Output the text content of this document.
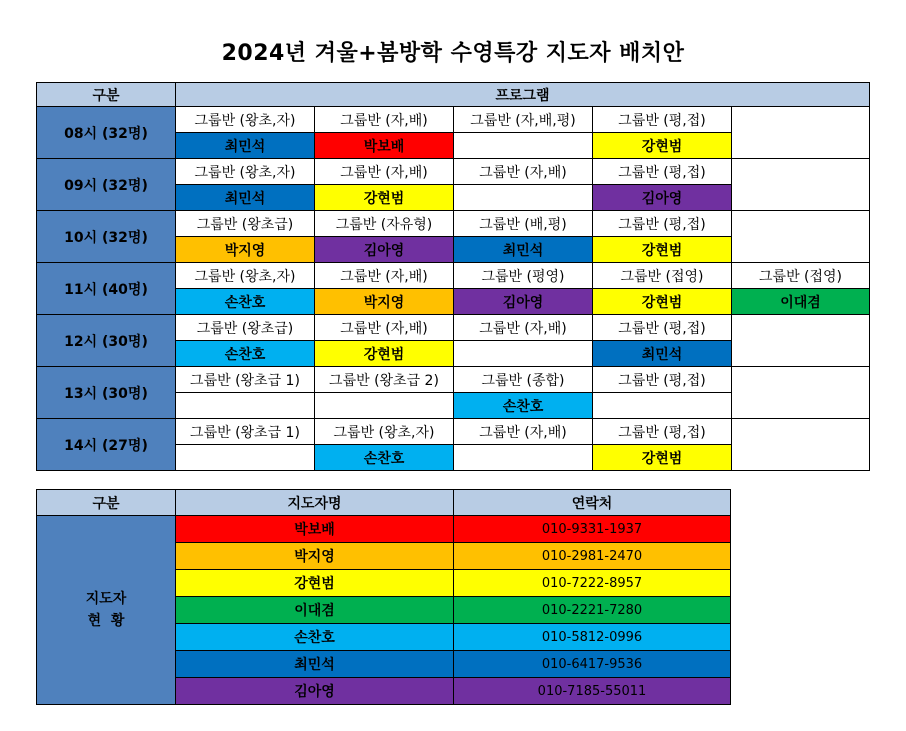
2024년 겨울+봄방학 수영특강 지도자 배치안
구분	프로그램				
08시 (32명)	그룹반 (왕초,자)	그룹반 (자,배)	그룹반 (자,배,평)	그룹반 (평,접)	
	최민석	박보배		강현범	
09시 (32명)	그룹반 (왕초,자)	그룹반 (자,배)	그룹반 (자,배)	그룹반 (평,접)	
	최민석	강현범		김아영	
10시 (32명)	그룹반 (왕초급)	그룹반 (자유형)	그룹반 (배,평)	그룹반 (평,접)	
	박지영	김아영	최민석	강현범	
11시 (40명)	그룹반 (왕초,자)	그룹반 (자,배)	그룹반 (평영)	그룹반 (접영)	그룹반 (접영)
	손찬호	박지영	김아영	강현범	이대겸
12시 (30명)	그룹반 (왕초급)	그룹반 (자,배)	그룹반 (자,배)	그룹반 (평,접)	
	손찬호	강현범		최민석	
13시 (30명)	그룹반 (왕초급 1)	그룹반 (왕초급 2)	그룹반 (종합)	그룹반 (평,접)	
			손찬호		
14시 (27명)	그룹반 (왕초급 1)	그룹반 (왕초,자)	그룹반 (자,배)	그룹반 (평,접)	
		손찬호		강현범	
구분	지도자명	연락처

지도자
현  황	박보배	010-9331-1937
	박지영	010-2981-2470
	강현범	010-7222-8957
	이대겸	010-2221-7280
	손찬호	010-5812-0996
	최민석	010-6417-9536
	김아영	010-7185-55011
